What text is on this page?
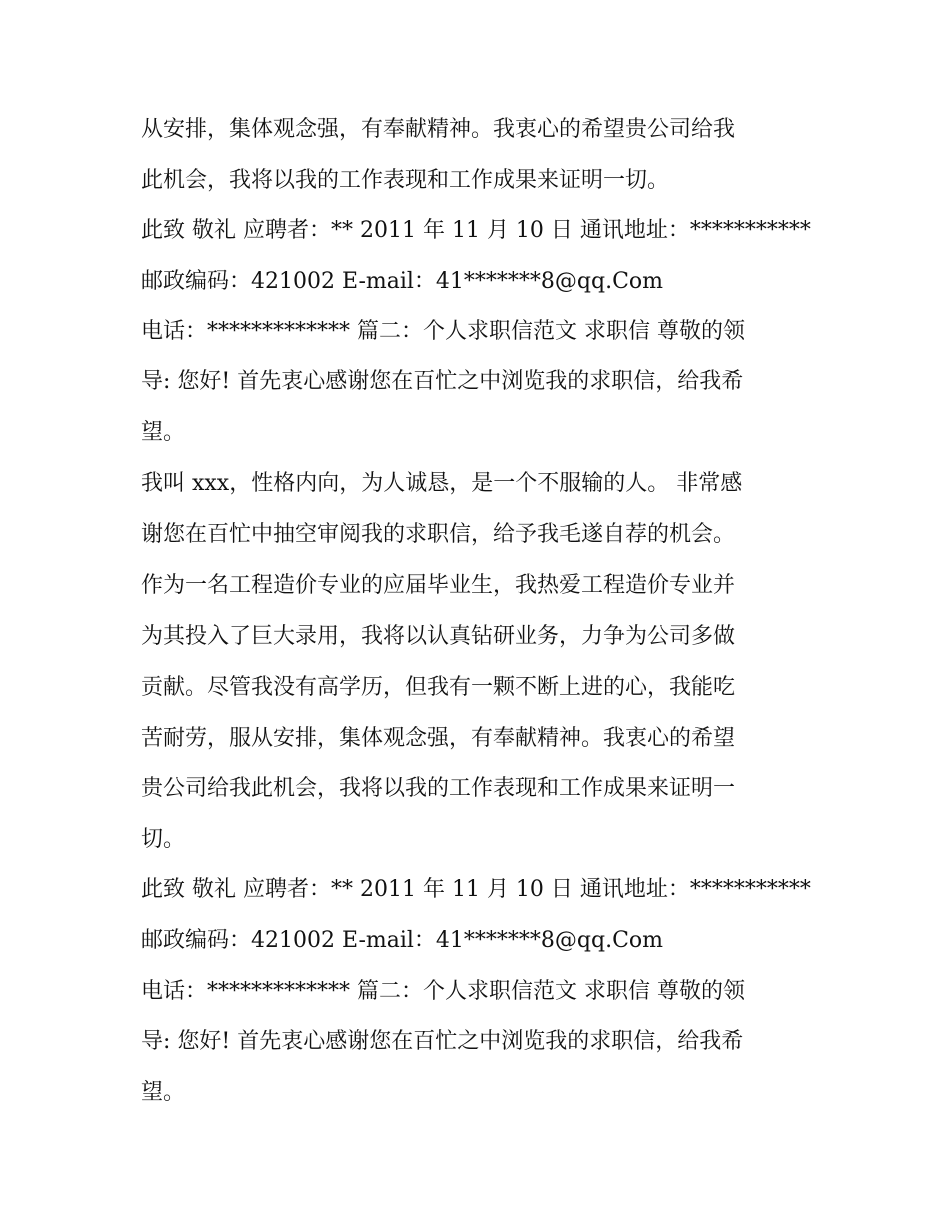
从安排，集体观念强，有奉献精神。我衷心的希望贵公司给我

此机会，我将以我的工作表现和工作成果来证明一切。

此致 敬礼 应聘者：** 2011 年 11 月 10 日 通讯地址：***********

邮政编码：421002 E-mail：41*******8@qq.Com

电话：************* 篇二：个人求职信范文 求职信 尊敬的领

导: 您好! 首先衷心感谢您在百忙之中浏览我的求职信，给我希

望。

我叫 xxx，性格内向，为人诚恳，是一个不服输的人。 非常感

谢您在百忙中抽空审阅我的求职信，给予我毛遂自荐的机会。

作为一名工程造价专业的应届毕业生，我热爱工程造价专业并

为其投入了巨大录用，我将以认真钻研业务，力争为公司多做

贡献。尽管我没有高学历，但我有一颗不断上进的心，我能吃

苦耐劳，服从安排，集体观念强，有奉献精神。我衷心的希望

贵公司给我此机会，我将以我的工作表现和工作成果来证明一

切。

此致 敬礼 应聘者：** 2011 年 11 月 10 日 通讯地址：***********

邮政编码：421002 E-mail：41*******8@qq.Com

电话：************* 篇二：个人求职信范文 求职信 尊敬的领

导: 您好! 首先衷心感谢您在百忙之中浏览我的求职信，给我希

望。
